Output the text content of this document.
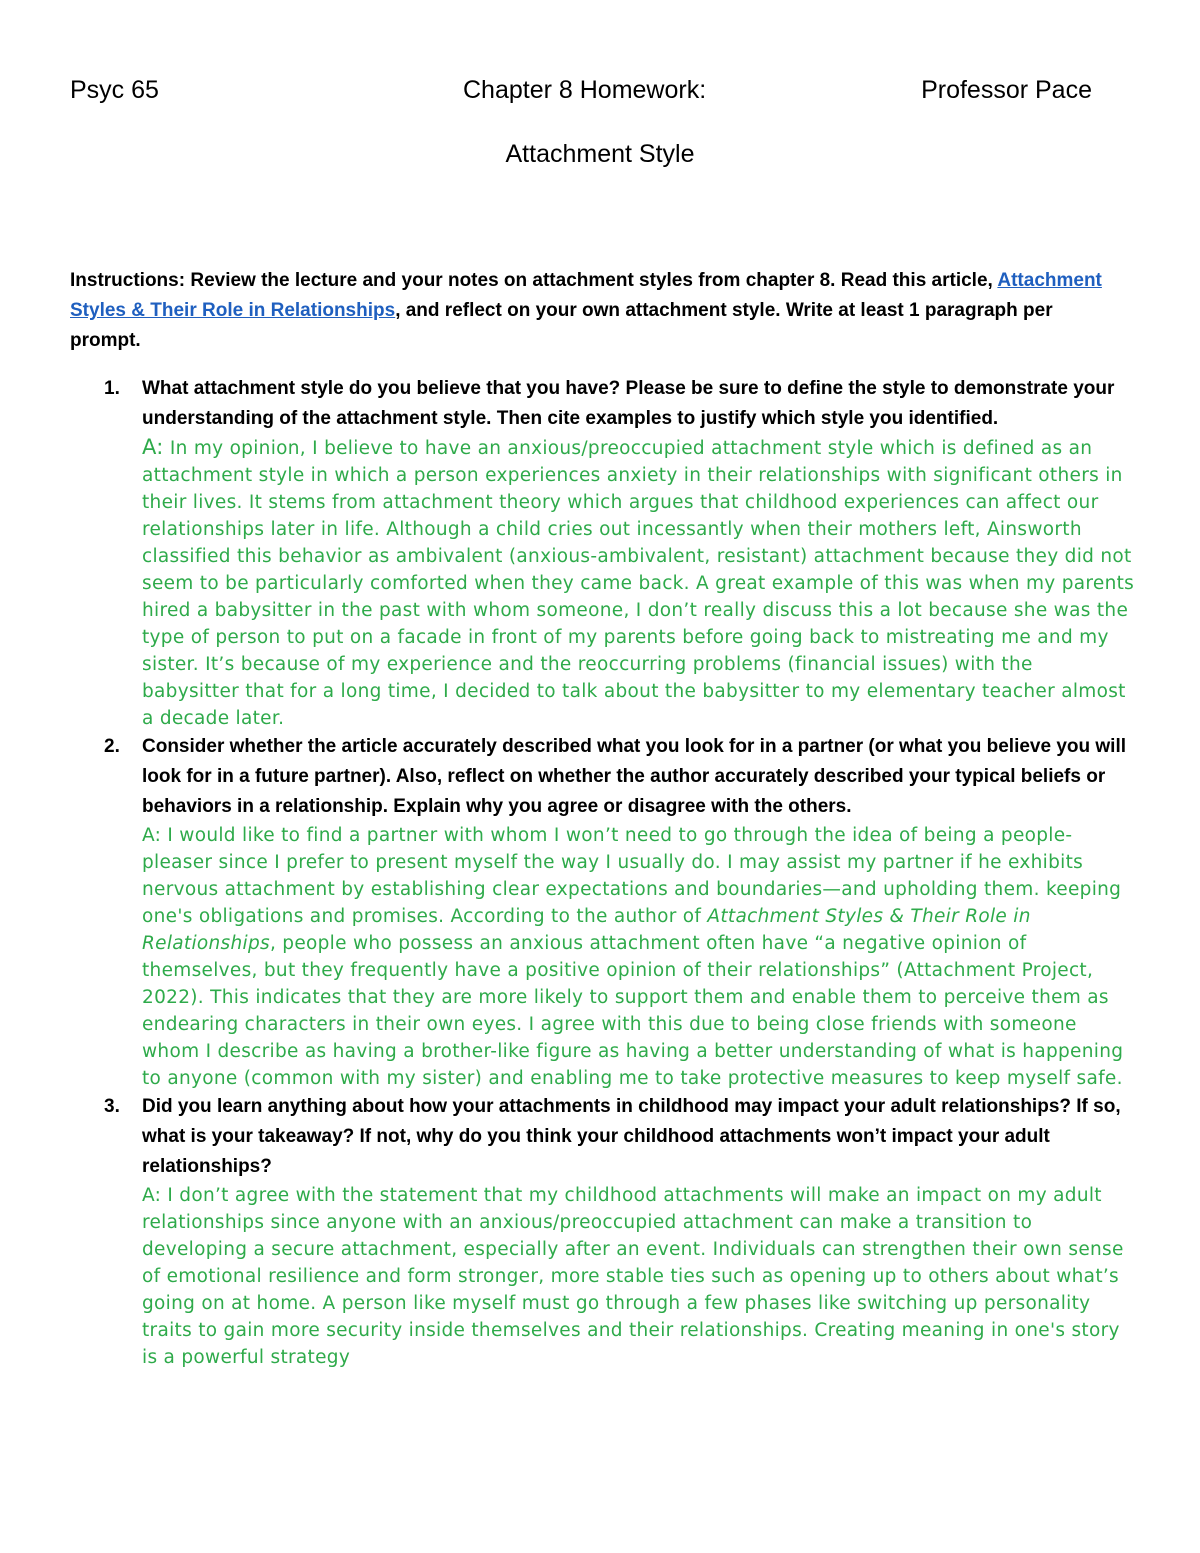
Psyc 65	Chapter 8 Homework:	Professor Pace
Attachment Style
Instructions: Review the lecture and your notes on attachment styles from chapter 8. Read this article, Attachment Styles & Their Role in Relationships, and reflect on your own attachment style. Write at least 1 paragraph per prompt.
1. What attachment style do you believe that you have? Please be sure to define the style to demonstrate your understanding of the attachment style. Then cite examples to justify which style you identified.
A: In my opinion, I believe to have an anxious/preoccupied attachment style which is defined as an attachment style in which a person experiences anxiety in their relationships with significant others in their lives. It stems from attachment theory which argues that childhood experiences can affect our relationships later in life. Although a child cries out incessantly when their mothers left, Ainsworth classified this behavior as ambivalent (anxious-ambivalent, resistant) attachment because they did not seem to be particularly comforted when they came back. A great example of this was when my parents hired a babysitter in the past with whom someone, I don’t really discuss this a lot because she was the type of person to put on a facade in front of my parents before going back to mistreating me and my sister. It’s because of my experience and the reoccurring problems (financial issues) with the babysitter that for a long time, I decided to talk about the babysitter to my elementary teacher almost a decade later.
2. Consider whether the article accurately described what you look for in a partner (or what you believe you will look for in a future partner). Also, reflect on whether the author accurately described your typical beliefs or behaviors in a relationship. Explain why you agree or disagree with the others.
A: I would like to find a partner with whom I won’t need to go through the idea of being a people-pleaser since I prefer to present myself the way I usually do. I may assist my partner if he exhibits nervous attachment by establishing clear expectations and boundaries—and upholding them. keeping one's obligations and promises. According to the author of Attachment Styles & Their Role in Relationships, people who possess an anxious attachment often have “a negative opinion of themselves, but they frequently have a positive opinion of their relationships” (Attachment Project, 2022). This indicates that they are more likely to support them and enable them to perceive them as endearing characters in their own eyes. I agree with this due to being close friends with someone whom I describe as having a brother-like figure as having a better understanding of what is happening to anyone (common with my sister) and enabling me to take protective measures to keep myself safe.
3. Did you learn anything about how your attachments in childhood may impact your adult relationships? If so, what is your takeaway? If not, why do you think your childhood attachments won’t impact your adult relationships?
A: I don’t agree with the statement that my childhood attachments will make an impact on my adult relationships since anyone with an anxious/preoccupied attachment can make a transition to developing a secure attachment, especially after an event. Individuals can strengthen their own sense of emotional resilience and form stronger, more stable ties such as opening up to others about what’s going on at home. A person like myself must go through a few phases like switching up personality traits to gain more security inside themselves and their relationships. Creating meaning in one's story is a powerful strategy
